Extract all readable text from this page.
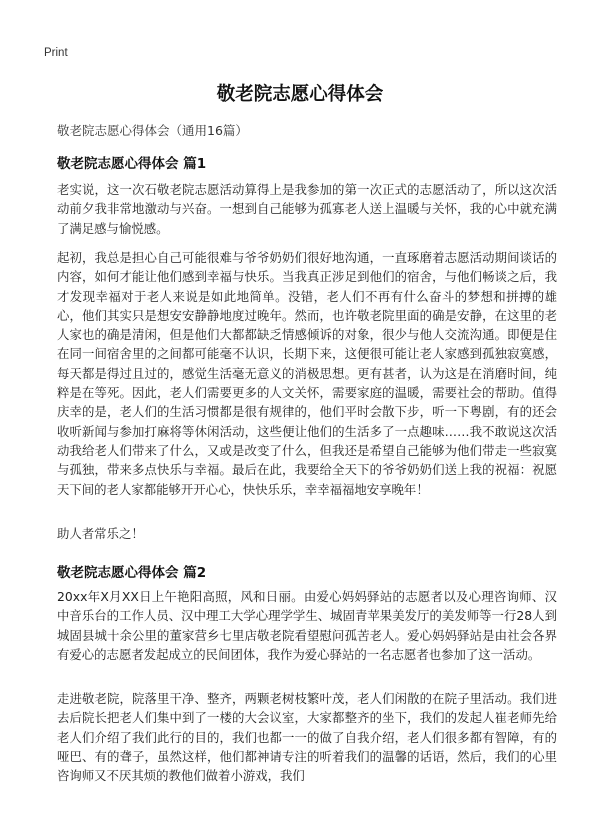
Print
敬老院志愿心得体会
敬老院志愿心得体会（通用16篇）
敬老院志愿心得体会 篇1

老实说，这一次石敬老院志愿活动算得上是我参加的第一次正式的志愿活动了，所以这次活动前夕我非常地激动与兴奋。一想到自己能够为孤寡老人送上温暖与关怀，我的心中就充满了满足感与愉悦感。

起初，我总是担心自己可能很难与爷爷奶奶们很好地沟通，一直琢磨着志愿活动期间谈话的内容，如何才能让他们感到幸福与快乐。当我真正涉足到他们的宿舍，与他们畅谈之后，我才发现幸福对于老人来说是如此地简单。没错，老人们不再有什么奋斗的梦想和拼搏的雄心，他们其实只是想安安静静地度过晚年。然而，也许敬老院里面的确是安静，在这里的老人家也的确是清闲，但是他们大都都缺乏情感倾诉的对象，很少与他人交流沟通。即便是住在同一间宿舍里的之间都可能毫不认识，长期下来，这便很可能让老人家感到孤独寂寞感，每天都是得过且过的，感觉生活毫无意义的消极思想。更有甚者，认为这是在消磨时间，纯粹是在等死。因此，老人们需要更多的人文关怀，需要家庭的温暖，需要社会的帮助。值得庆幸的是，老人们的生活习惯都是很有规律的，他们平时会散下步，听一下粤剧，有的还会收听新闻与参加打麻将等休闲活动，这些便让他们的生活多了一点趣味……我不敢说这次活动我给老人们带来了什么，又或是改变了什么，但我还是希望自己能够为他们带走一些寂寞与孤独，带来多点快乐与幸福。最后在此，我要给全天下的爷爷奶奶们送上我的祝福：祝愿天下间的老人家都能够开开心心，快快乐乐，幸幸福福地安享晚年！

助人者常乐之！

敬老院志愿心得体会 篇2

20xx年X月XX日上午艳阳高照，风和日丽。由爱心妈妈驿站的志愿者以及心理咨询师、汉中音乐台的工作人员、汉中理工大学心理学学生、城固青苹果美发厅的美发师等一行28人到城固县城十余公里的董家营乡七里店敬老院看望慰问孤苦老人。爱心妈妈驿站是由社会各界有爱心的志愿者发起成立的民间团体，我作为爱心驿站的一名志愿者也参加了这一活动。

走进敬老院，院落里干净、整齐，两颗老树枝繁叶茂，老人们闲散的在院子里活动。我们进去后院长把老人们集中到了一楼的大会议室，大家都整齐的坐下，我们的发起人崔老师先给老人们介绍了我们此行的目的，我们也都一一的做了自我介绍，老人们很多都有智障，有的哑巴、有的聋子，虽然这样，他们都神请专注的听着我们的温馨的话语，然后，我们的心里咨询师又不厌其烦的教他们做着小游戏，我们
